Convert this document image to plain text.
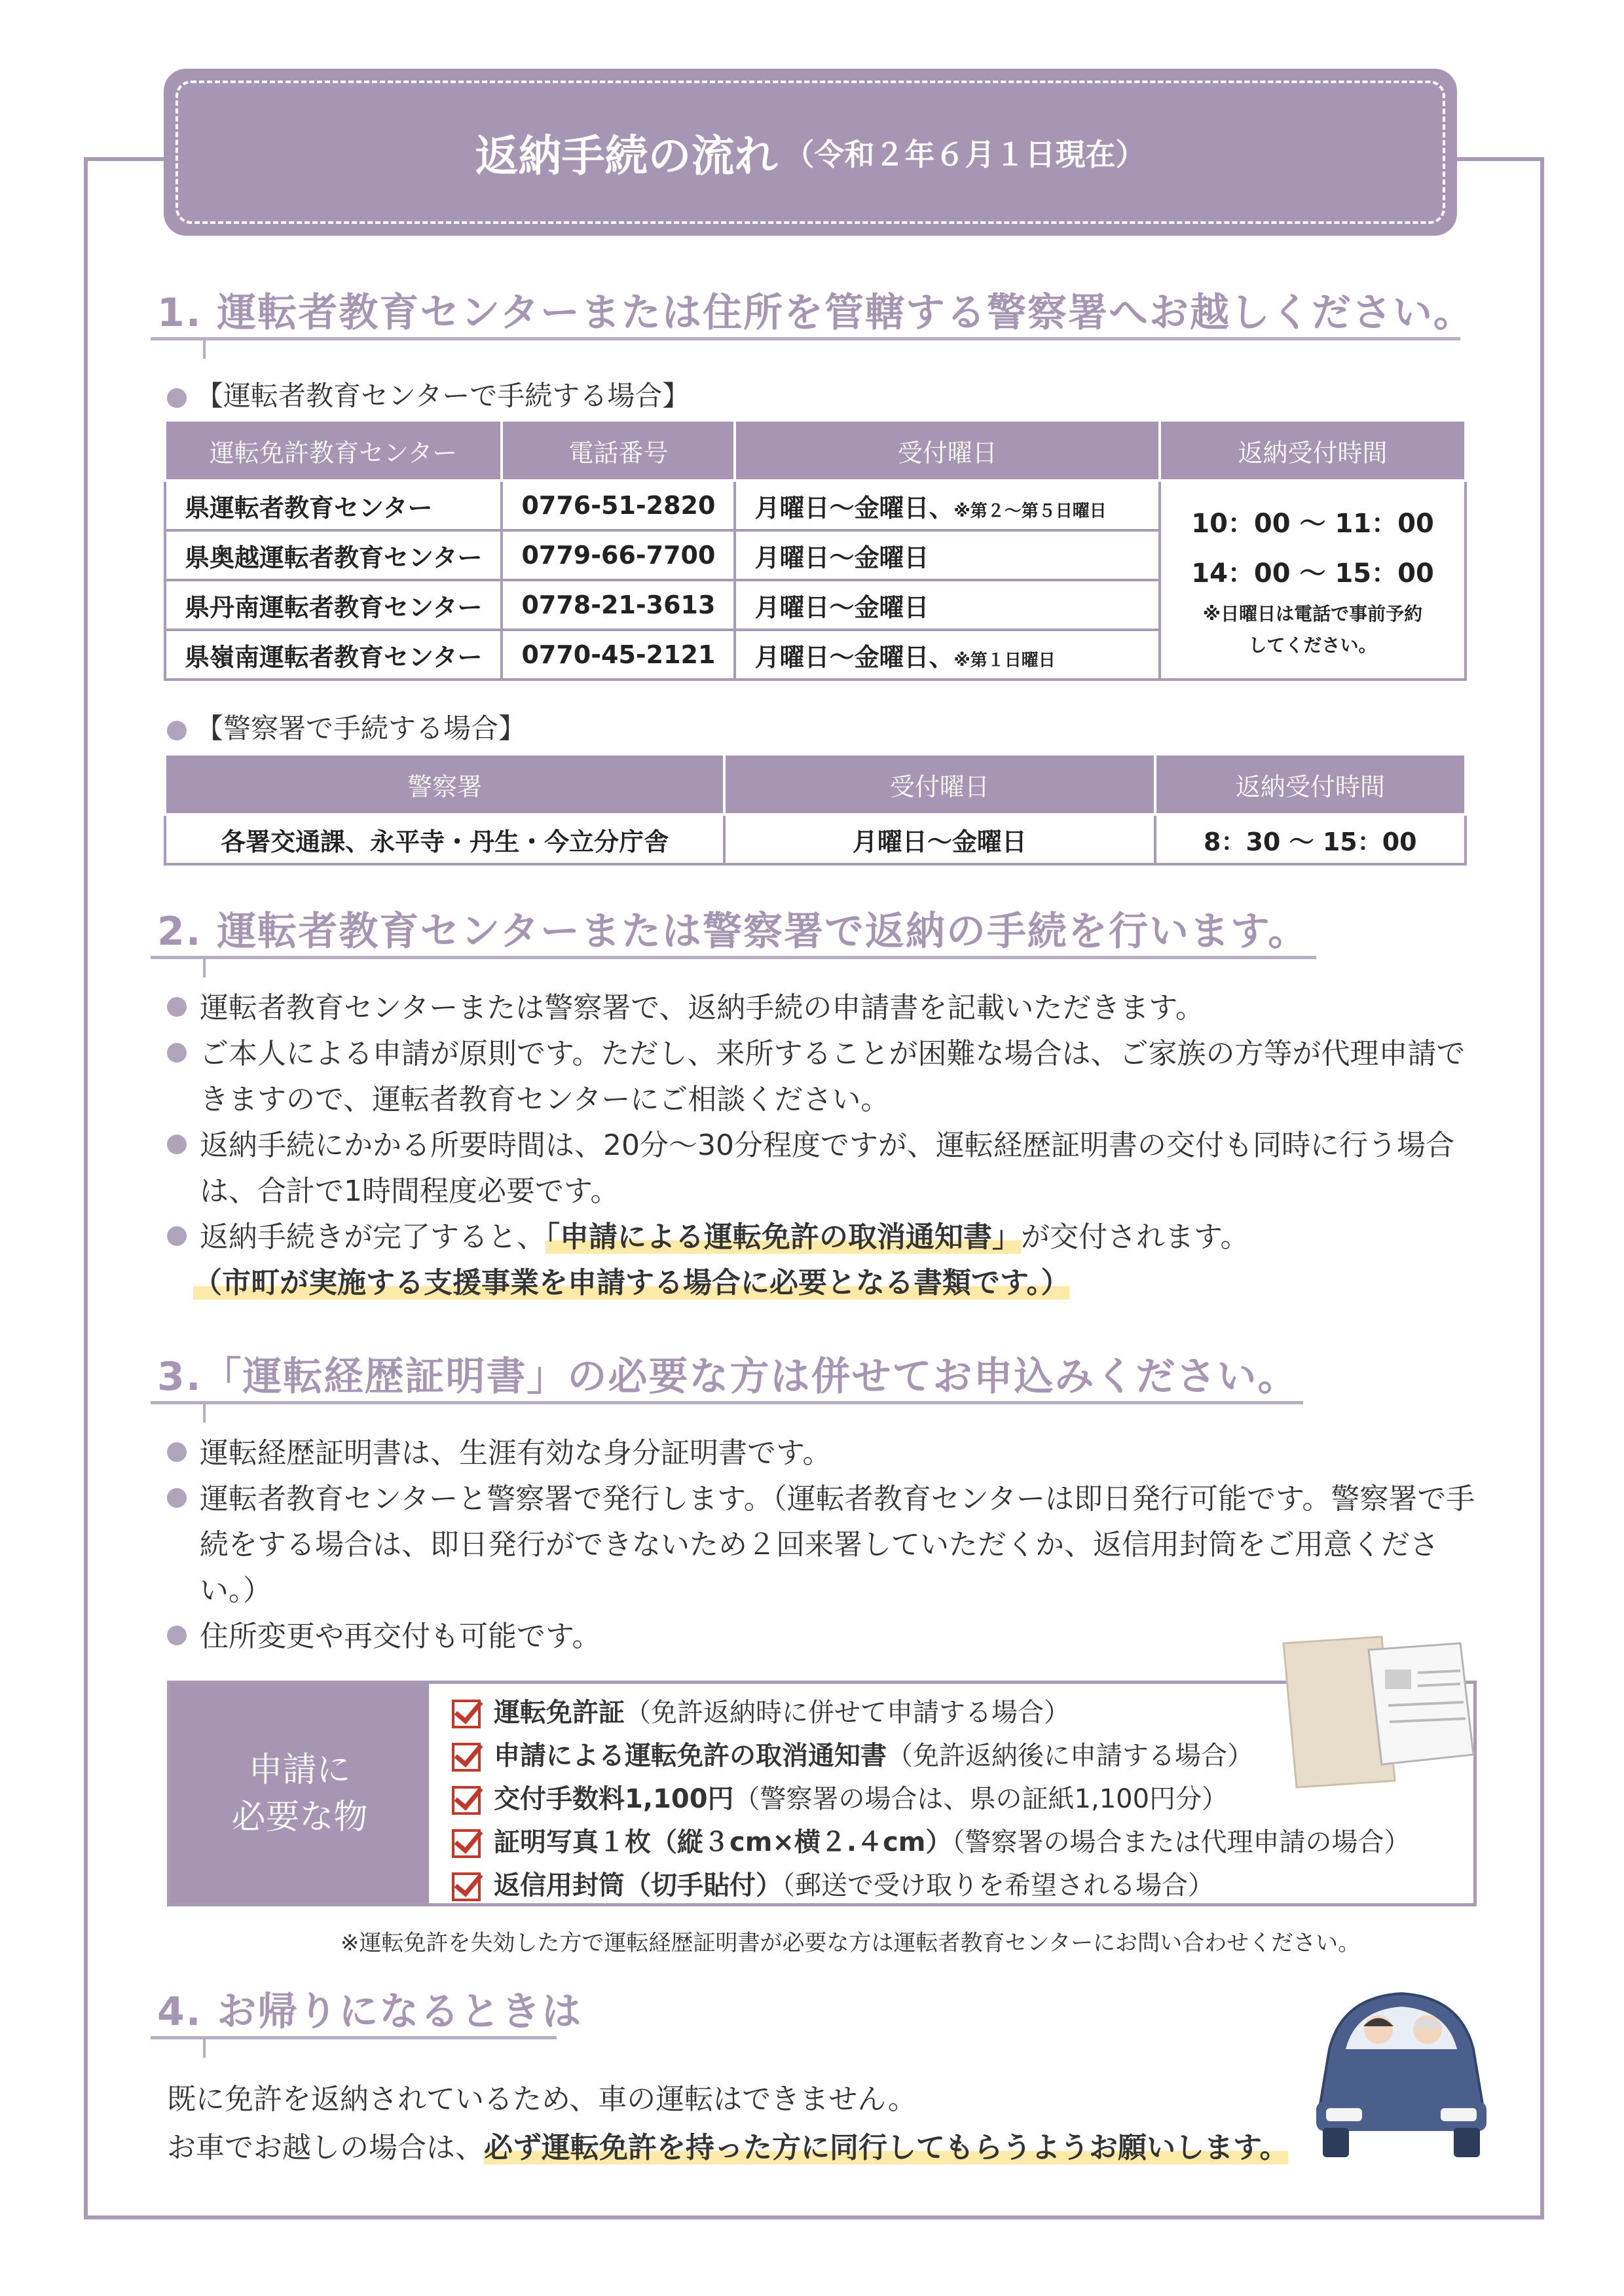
返納手続の流れ （令和２年６月１日現在）
1. 運転者教育センターまたは住所を管轄する警察署へお越しください。
【運転者教育センターで手続する場合】
運転免許教育センター	電話番号	受付曜日	返納受付時間
県運転者教育センター	0776-51-2820	月曜日〜金曜日、※第２〜第５日曜日	10：00 〜 11：00
14：00 〜 15：00
※日曜日は電話で事前予約
してください。

県奥越運転者教育センター	0779-66-7700	月曜日〜金曜日	
県丹南運転者教育センター	0778-21-3613	月曜日〜金曜日	
県嶺南運転者教育センター	0770-45-2121	月曜日〜金曜日、※第１日曜日	
【警察署で手続する場合】
警察署	受付曜日	返納受付時間
各署交通課、永平寺・丹生・今立分庁舎	月曜日〜金曜日	8：30 〜 15：00
2. 運転者教育センターまたは警察署で返納の手続を行います。

運転者教育センターまたは警察署で、返納手続の申請書を記載いただきます。

ご本人による申請が原則です。ただし、来所することが困難な場合は、ご家族の方等が代理申請できますので、運転者教育センターにご相談ください。

返納手続にかかる所要時間は、20分〜30分程度ですが、運転経歴証明書の交付も同時に行う場合は、合計で1時間程度必要です。

返納手続きが完了すると、「申請による運転免許の取消通知書」が交付されます。

（市町が実施する支援事業を申請する場合に必要となる書類です。）

3.「運転経歴証明書」の必要な方は併せてお申込みください。

運転経歴証明書は、生涯有効な身分証明書です。

運転者教育センターと警察署で発行します。（運転者教育センターは即日発行可能です。警察署で手続をする場合は、即日発行ができないため２回来署していただくか、返信用封筒をご用意ください。）

住所変更や再交付も可能です。

申請に
必要な物
運転免許証（免許返納時に併せて申請する場合）
申請による運転免許の取消通知書（免許返納後に申請する場合）
交付手数料1,100円（警察署の場合は、県の証紙1,100円分）
証明写真１枚（縦３cm×横２.４cm）（警察署の場合または代理申請の場合）
返信用封筒（切手貼付）（郵送で受け取りを希望される場合）
※運転免許を失効した方で運転経歴証明書が必要な方は運転者教育センターにお問い合わせください。
4. お帰りになるときは
既に免許を返納されているため、車の運転はできません。
お車でお越しの場合は、必ず運転免許を持った方に同行してもらうようお願いします。
